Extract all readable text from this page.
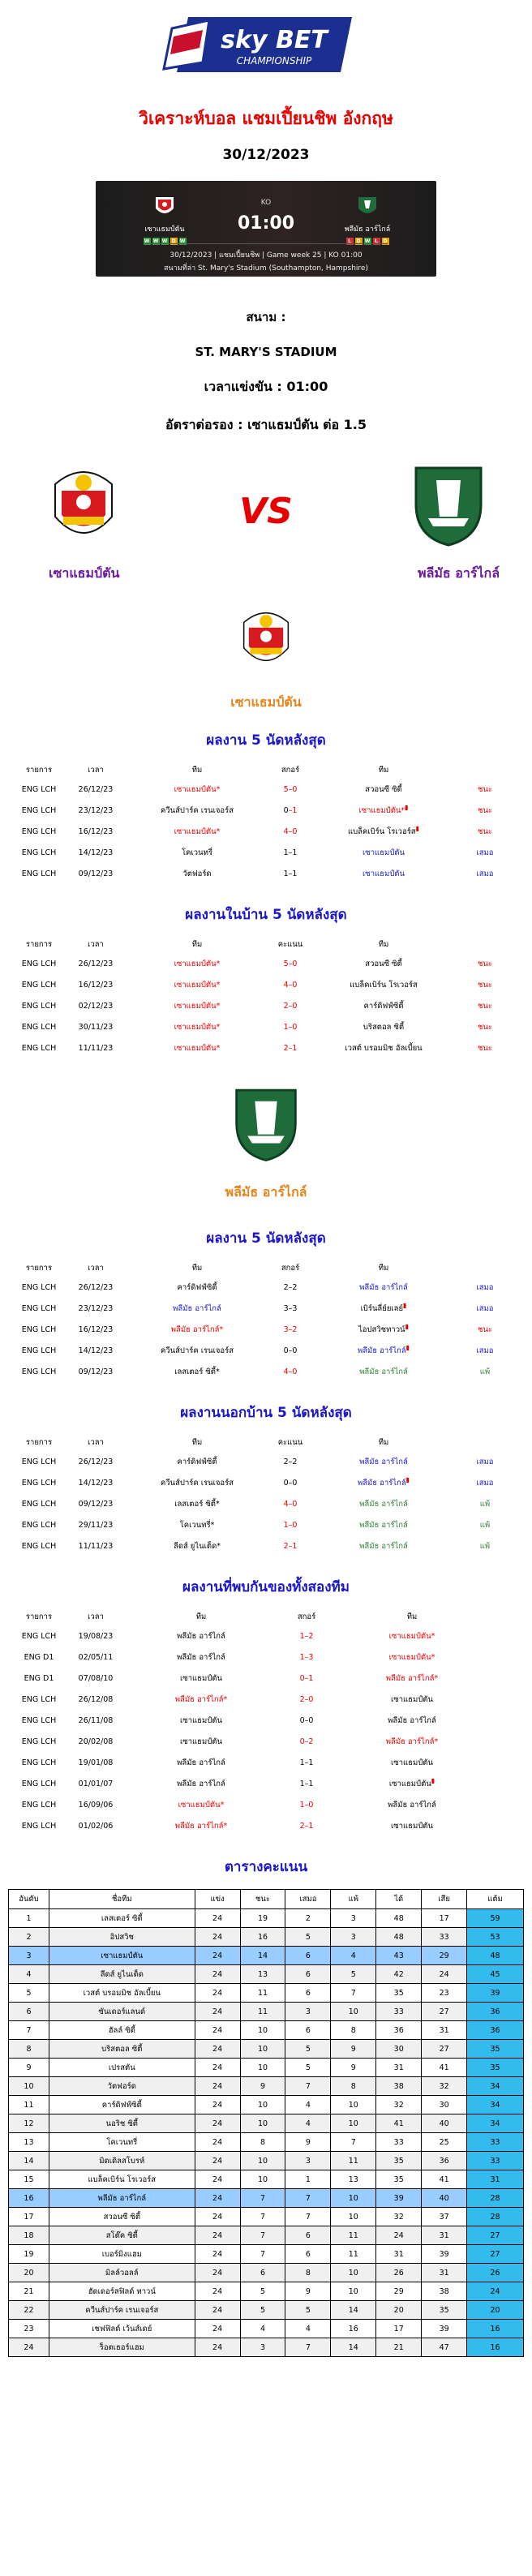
sky BET
CHAMPIONSHIP
วิเคราะห์บอล แชมเปี้ยนชิพ อังกฤษ
30/12/2023
เซาแธมป์ตัน
W W W D W
KO
01:00	พลีมัธ อาร์ไกล์
L	D W L	D
30/12/2023 | แชมเปี้ยนชิพ | Game week 25 | KO 01:00
สนามที่ล่า St. Mary's Stadium (Southampton, Hampshire)
สนาม :
ST. MARY'S STADIUM
เวลาแข่งขัน : 01:00
อัตราต่อรอง : เซาแธมป์ตัน ต่อ 1.5
VS
เซาแธมป์ตัน	พลีมัธ อาร์ไกล์
เซาแธมป์ตัน
ผลงาน 5 นัดหลังสุด
รายการ	เวลา	ทีม	สกอร์	ทีม	
ENG LCH	26/12/23	เซาแธมป์ตัน*	5–0	สวอนซี ซิตี้	ชนะ
ENG LCH	23/12/23	ควีนส์ปาร์ค เรนเจอร์ส	0–1	เซาแธมป์ตัน*▮	ชนะ
ENG LCH	16/12/23	เซาแธมป์ตัน*	4–0	แบล็คเบิร์น โรเวอร์ส▮	ชนะ
ENG LCH	14/12/23	โคเวนทรี่	1–1	เซาแธมป์ตัน	เสมอ
ENG LCH	09/12/23	วัตฟอร์ด	1–1	เซาแธมป์ตัน	เสมอ
ผลงานในบ้าน 5 นัดหลังสุด
รายการ	เวลา	ทีม	คะแนน	ทีม	
ENG LCH	26/12/23	เซาแธมป์ตัน*	5–0	สวอนซี ซิตี้	ชนะ
ENG LCH	16/12/23	เซาแธมป์ตัน*	4–0	แบล็คเบิร์น โรเวอร์ส	ชนะ
ENG LCH	02/12/23	เซาแธมป์ตัน*	2–0	คาร์ดิฟฟ์ซิตี้	ชนะ
ENG LCH	30/11/23	เซาแธมป์ตัน*	1–0	บริสตอล ซิตี้	ชนะ
ENG LCH	11/11/23	เซาแธมป์ตัน*	2–1	เวสต์ บรอมมิช อัลเบี้ยน	ชนะ
พลีมัธ อาร์ไกล์
ผลงาน 5 นัดหลังสุด
รายการ	เวลา	ทีม	สกอร์	ทีม	
ENG LCH	26/12/23	คาร์ดิฟฟ์ซิตี้	2–2	พลีมัธ อาร์ไกล์	เสมอ
ENG LCH	23/12/23	พลีมัธ อาร์ไกล์	3–3	เบิร์นลี่ย์ยเลย์▮	เสมอ
ENG LCH	16/12/23	พลีมัธ อาร์ไกล์*	3–2	ไอปสวิชทาวน์▮	ชนะ
ENG LCH	14/12/23	ควีนส์ปาร์ค เรนเจอร์ส	0–0	พลีมัธ อาร์ไกล์▮	เสมอ
ENG LCH	09/12/23	เลสเตอร์ ซิตี้*	4–0	พลีมัธ อาร์ไกล์	แพ้
ผลงานนอกบ้าน 5 นัดหลังสุด
รายการ	เวลา	ทีม	คะแนน	ทีม	
ENG LCH	26/12/23	คาร์ดิฟฟ์ซิตี้	2–2	พลีมัธ อาร์ไกล์	เสมอ
ENG LCH	14/12/23	ควีนส์ปาร์ค เรนเจอร์ส	0–0	พลีมัธ อาร์ไกล์▮	เสมอ
ENG LCH	09/12/23	เลสเตอร์ ซิตี้*	4–0	พลีมัธ อาร์ไกล์	แพ้
ENG LCH	29/11/23	โคเวนทรี่*	1–0	พลีมัธ อาร์ไกล์	แพ้
ENG LCH	11/11/23	ลีดส์ ยูไนเต็ด*	2–1	พลีมัธ อาร์ไกล์	แพ้
ผลงานที่พบกันของทั้งสองทีม
รายการ	เวลา	ทีม	สกอร์	ทีม	
ENG LCH	19/08/23	พลีมัธ อาร์ไกล์	1–2	เซาแธมป์ตัน*	
ENG D1	02/05/11	พลีมัธ อาร์ไกล์	1–3	เซาแธมป์ตัน*	
ENG D1	07/08/10	เซาแธมป์ตัน	0–1	พลีมัธ อาร์ไกล์*	
ENG LCH	26/12/08	พลีมัธ อาร์ไกล์*	2–0	เซาแธมป์ตัน	
ENG LCH	26/11/08	เซาแธมป์ตัน	0–0	พลีมัธ อาร์ไกล์	
ENG LCH	20/02/08	เซาแธมป์ตัน	0–2	พลีมัธ อาร์ไกล์*	
ENG LCH	19/01/08	พลีมัธ อาร์ไกล์	1–1	เซาแธมป์ตัน	
ENG LCH	01/01/07	พลีมัธ อาร์ไกล์	1–1	เซาแธมป์ตัน▮	
ENG LCH	16/09/06	เซาแธมป์ตัน*	1–0	พลีมัธ อาร์ไกล์	
ENG LCH	01/02/06	พลีมัธ อาร์ไกล์*	2–1	เซาแธมป์ตัน	
ตารางคะแนน
อันดับ	ชื่อทีม	แข่ง	ชนะ	เสมอ	แพ้	ได้	เสีย	แต้ม
1	เลสเตอร์ ซิตี้	24	19	2	3	48	17	59
2	อิปสวิช	24	16	5	3	48	33	53
3	เซาแธมป์ตัน	24	14	6	4	43	29	48
4	ลีดส์ ยูไนเต็ด	24	13	6	5	42	24	45
5	เวสต์ บรอมมิช อัลเบี้ยน	24	11	6	7	35	23	39
6	ซันเดอร์แลนด์	24	11	3	10	33	27	36
7	ฮัลล์ ซิตี้	24	10	6	8	36	31	36
8	บริสตอล ซิตี้	24	10	5	9	30	27	35
9	เปรสตัน	24	10	5	9	31	41	35
10	วัตฟอร์ด	24	9	7	8	38	32	34
11	คาร์ดิฟฟ์ซิตี้	24	10	4	10	32	30	34
12	นอริช ซิตี้	24	10	4	10	41	40	34
13	โคเวนทรี่	24	8	9	7	33	25	33
14	มิดเดิลสโบรห์	24	10	3	11	35	36	33
15	แบล็คเบิร์น โรเวอร์ส	24	10	1	13	35	41	31
16	พลีมัธ อาร์ไกล์	24	7	7	10	39	40	28
17	สวอนซี ซิตี้	24	7	7	10	32	37	28
18	สโต๊ค ซิตี้	24	7	6	11	24	31	27
19	เบอร์มิงแฮม	24	7	6	11	31	39	27
20	มิลล์วอลล์	24	6	8	10	26	31	26
21	ฮัดเดอร์สฟิลด์ ทาวน์	24	5	9	10	29	38	24
22	ควีนส์ปาร์ค เรนเจอร์ส	24	5	5	14	20	35	20
23	เชฟฟิลด์ เว้นส์เดย์	24	4	4	16	17	39	16
24	ร็อตเธอร์แฮม	24	3	7	14	21	47	16
